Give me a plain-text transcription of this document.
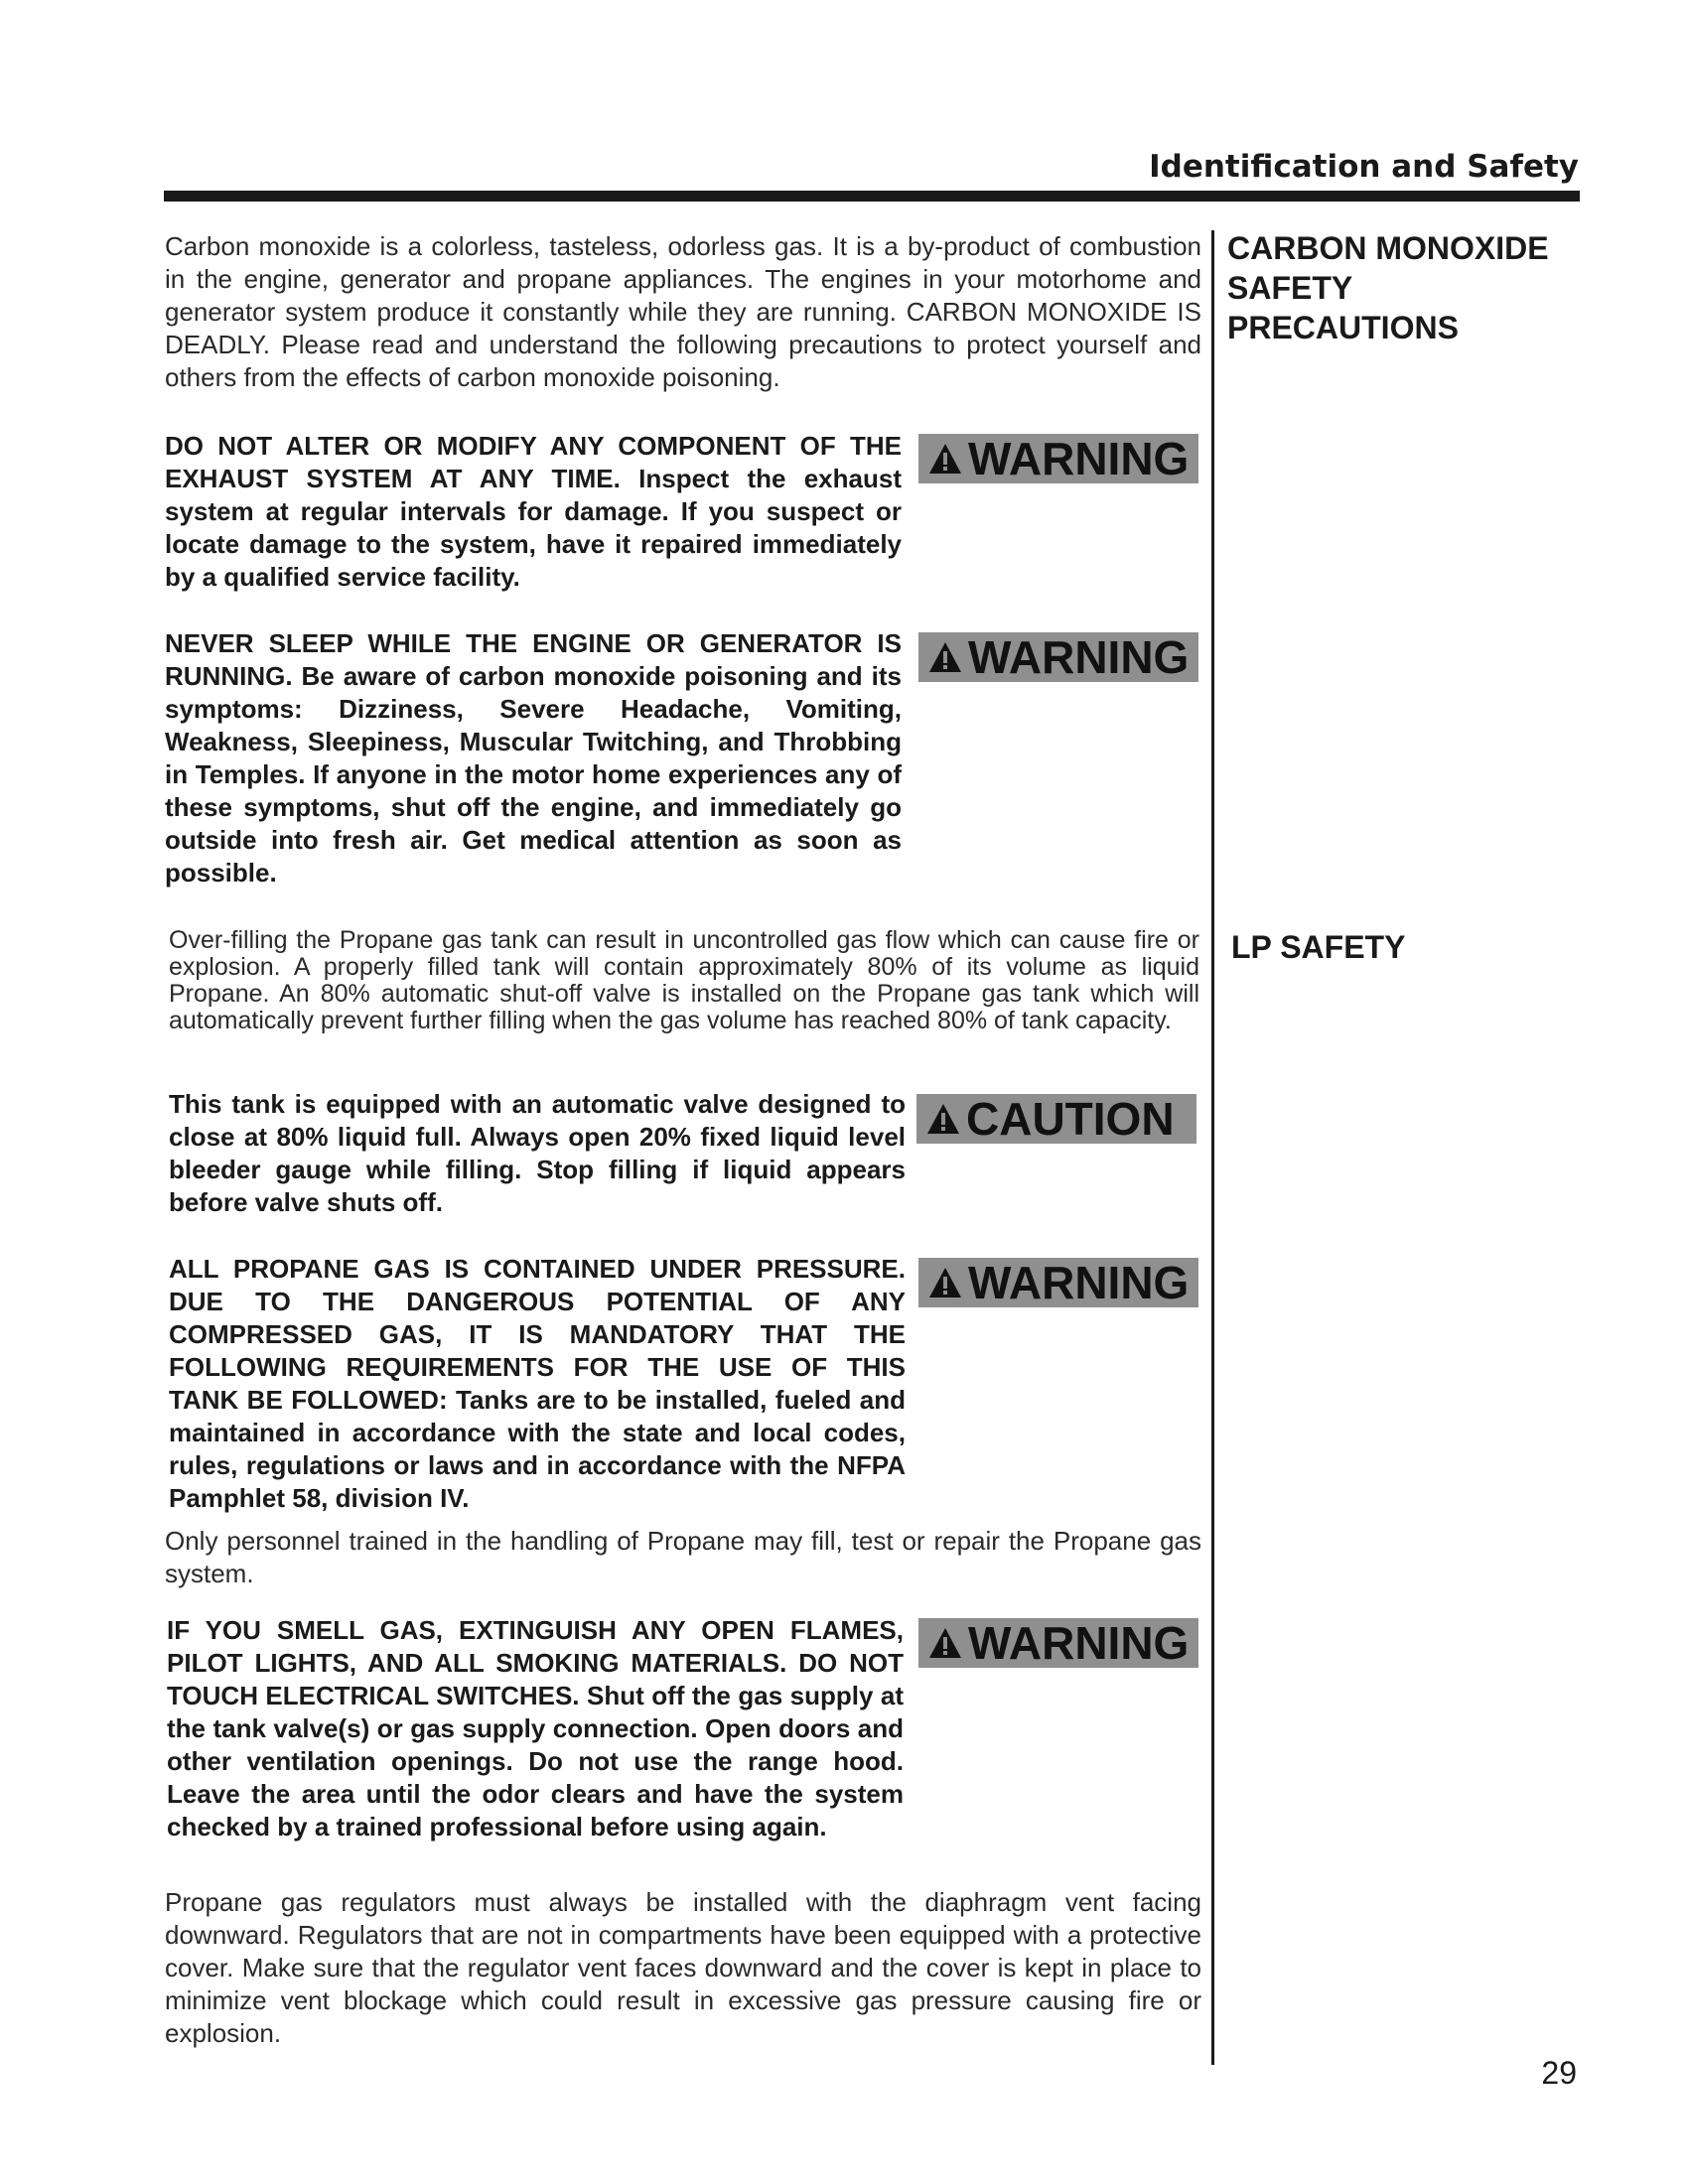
Identification and Safety
CARBON MONOXIDE SAFETY PRECAUTIONS
Carbon monoxide is a colorless, tasteless, odorless gas. It is a by-product of combustion in the engine, generator and propane appliances. The engines in your motorhome and generator system produce it constantly while they are running. CARBON MONOXIDE IS DEADLY. Please read and understand the following precautions to protect yourself and others from the effects of carbon monoxide poisoning.
DO NOT ALTER OR MODIFY ANY COMPONENT OF THE EXHAUST SYSTEM AT ANY TIME. Inspect the exhaust system at regular intervals for damage. If you suspect or locate damage to the system, have it repaired immediately by a qualified service facility.
WARNING
NEVER SLEEP WHILE THE ENGINE OR GENERATOR IS RUNNING. Be aware of carbon monoxide poisoning and its symptoms: Dizziness, Severe Headache, Vomiting, Weakness, Sleepiness, Muscular Twitching, and Throbbing in Temples. If anyone in the motor home experiences any of these symptoms, shut off the engine, and immediately go outside into fresh air. Get medical attention as soon as possible.
WARNING
LP SAFETY
Over-filling the Propane gas tank can result in uncontrolled gas flow which can cause fire or explosion. A properly filled tank will contain approximately 80% of its volume as liquid Propane. An 80% automatic shut-off valve is installed on the Propane gas tank which will automatically prevent further filling when the gas volume has reached 80% of tank capacity.
This tank is equipped with an automatic valve designed to close at 80% liquid full. Always open 20% fixed liquid level bleeder gauge while filling. Stop filling if liquid appears before valve shuts off.
CAUTION
ALL PROPANE GAS IS CONTAINED UNDER PRESSURE. DUE TO THE DANGEROUS POTENTIAL OF ANY COMPRESSED GAS, IT IS MANDATORY THAT THE FOLLOWING REQUIREMENTS FOR THE USE OF THIS TANK BE FOLLOWED: Tanks are to be installed, fueled and maintained in accordance with the state and local codes, rules, regulations or laws and in accordance with the NFPA Pamphlet 58, division IV.
WARNING
Only personnel trained in the handling of Propane may fill, test or repair the Propane gas system.
IF YOU SMELL GAS, EXTINGUISH ANY OPEN FLAMES, PILOT LIGHTS, AND ALL SMOKING MATERIALS. DO NOT TOUCH ELECTRICAL SWITCHES. Shut off the gas supply at the tank valve(s) or gas supply connection. Open doors and other ventilation openings. Do not use the range hood. Leave the area until the odor clears and have the system checked by a trained professional before using again.
WARNING
Propane gas regulators must always be installed with the diaphragm vent facing downward. Regulators that are not in compartments have been equipped with a protective cover. Make sure that the regulator vent faces downward and the cover is kept in place to minimize vent blockage which could result in excessive gas pressure causing fire or explosion.
29
